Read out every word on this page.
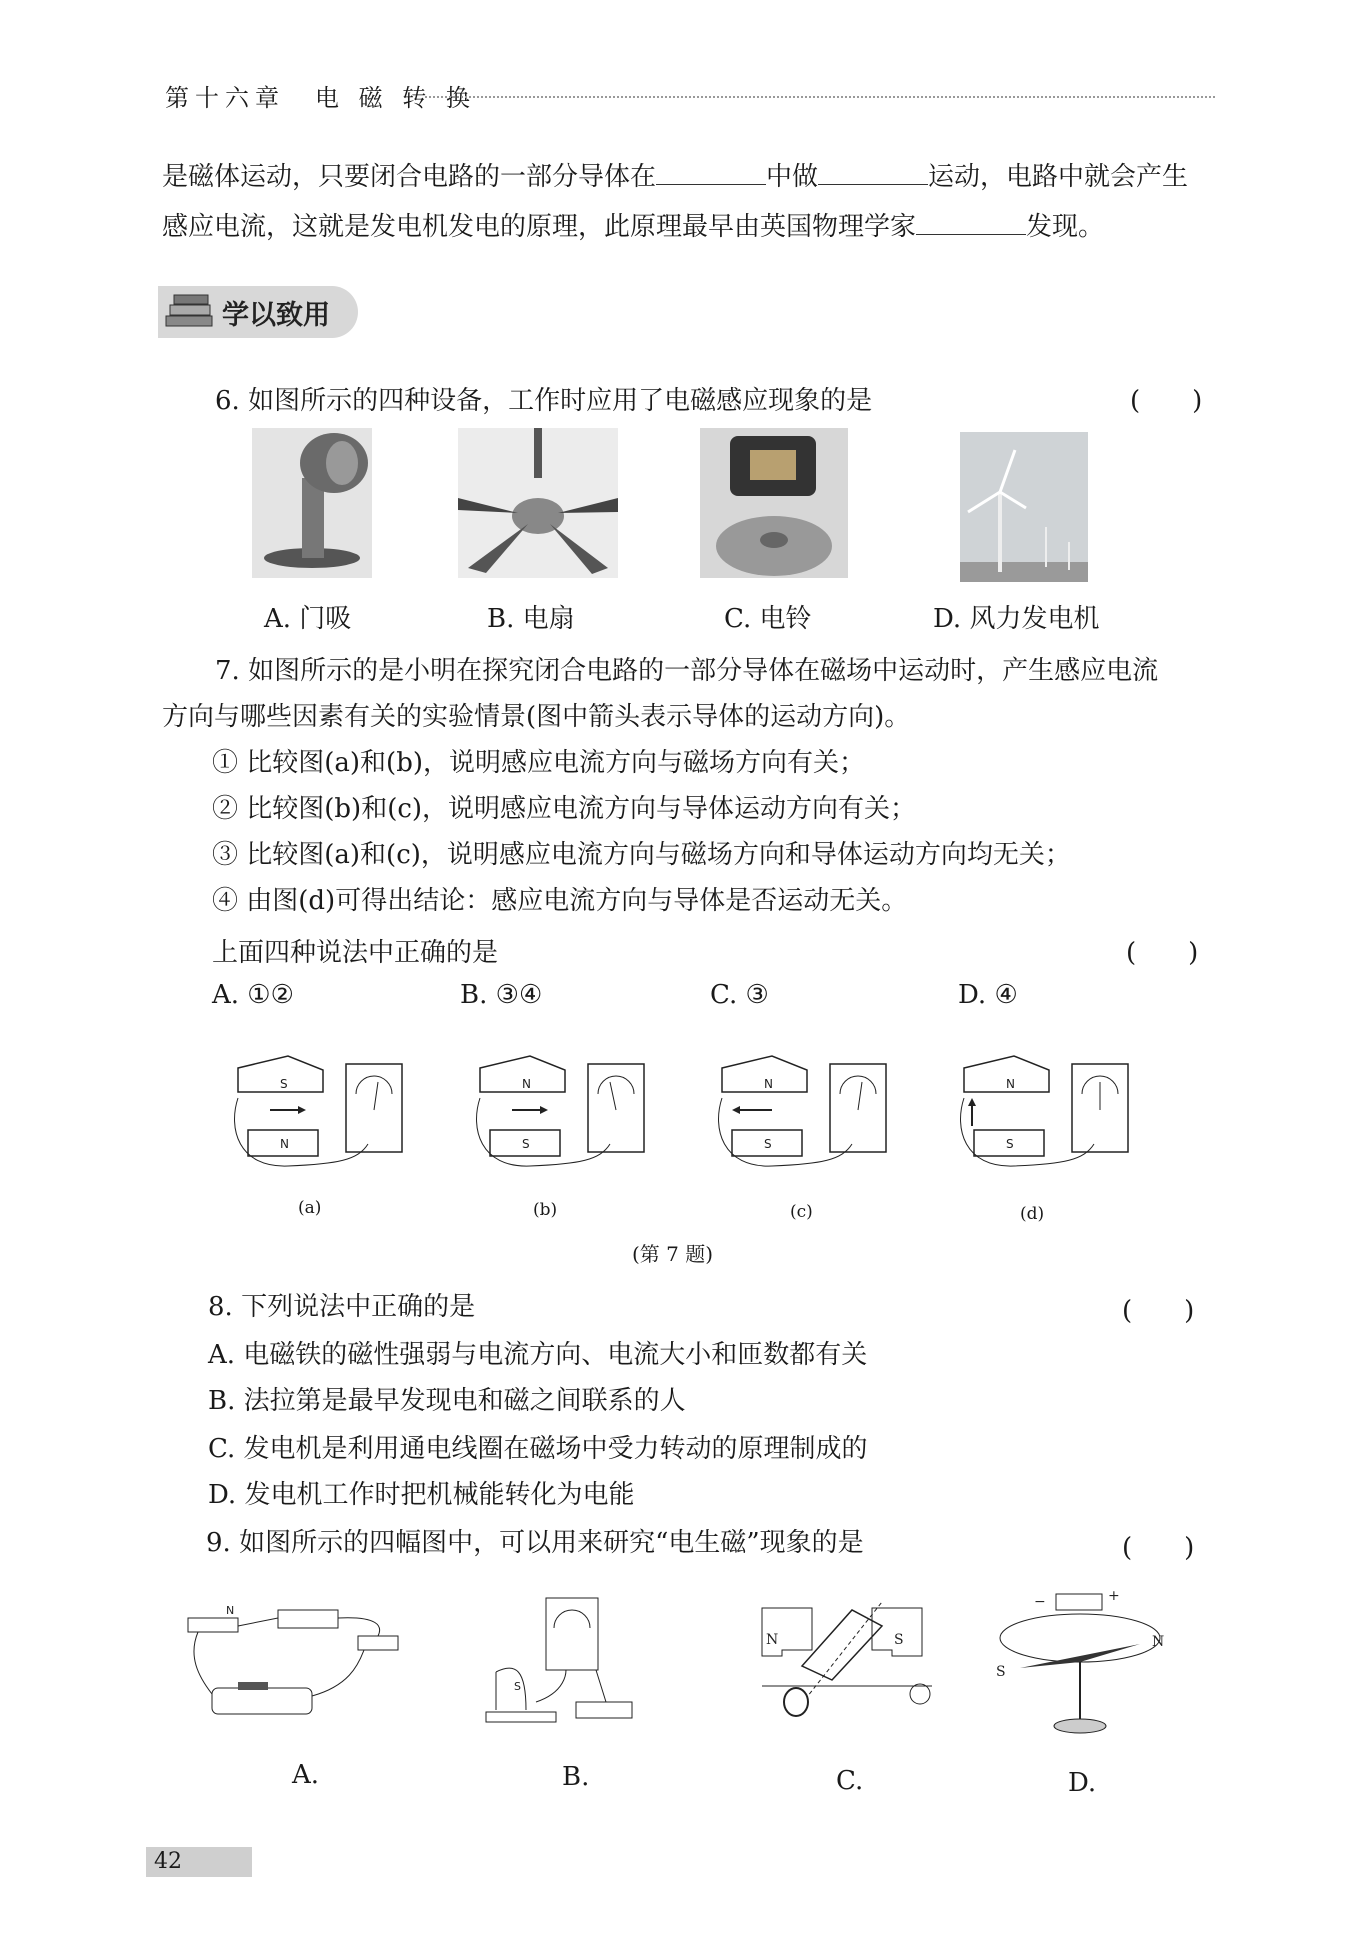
第十六章　电 磁 转 换
是磁体运动，只要闭合电路的一部分导体在	中做	运动，电路中就会产生
感应电流，这就是发电机发电的原理，此原理最早由英国物理学家	发现。
学以致用
6. 如图所示的四种设备，工作时应用了电磁感应现象的是	(　　)
A. 门吸	B. 电扇	C. 电铃	D. 风力发电机
7. 如图所示的是小明在探究闭合电路的一部分导体在磁场中运动时，产生感应电流
方向与哪些因素有关的实验情景(图中箭头表示导体的运动方向)。
① 比较图(a)和(b)，说明感应电流方向与磁场方向有关；
② 比较图(b)和(c)，说明感应电流方向与导体运动方向有关；
③ 比较图(a)和(c)，说明感应电流方向与磁场方向和导体运动方向均无关；
④ 由图(d)可得出结论：感应电流方向与导体是否运动无关。
上面四种说法中正确的是	(　　)
A. ①②	B. ③④	C. ③	D. ④
S
N
N
S
N
S
N
S
(a)	(b)	(c)	(d)
(第 7 题)
8. 下列说法中正确的是	(　　)
A. 电磁铁的磁性强弱与电流方向、电流大小和匝数都有关
B. 法拉第是最早发现电和磁之间联系的人
C. 发电机是利用通电线圈在磁场中受力转动的原理制成的
D. 发电机工作时把机械能转化为电能
9. 如图所示的四幅图中，可以用来研究“电生磁”现象的是	(　　)
N
S
N	S
−	+
S
N
A.	B.	C.	D.
42
